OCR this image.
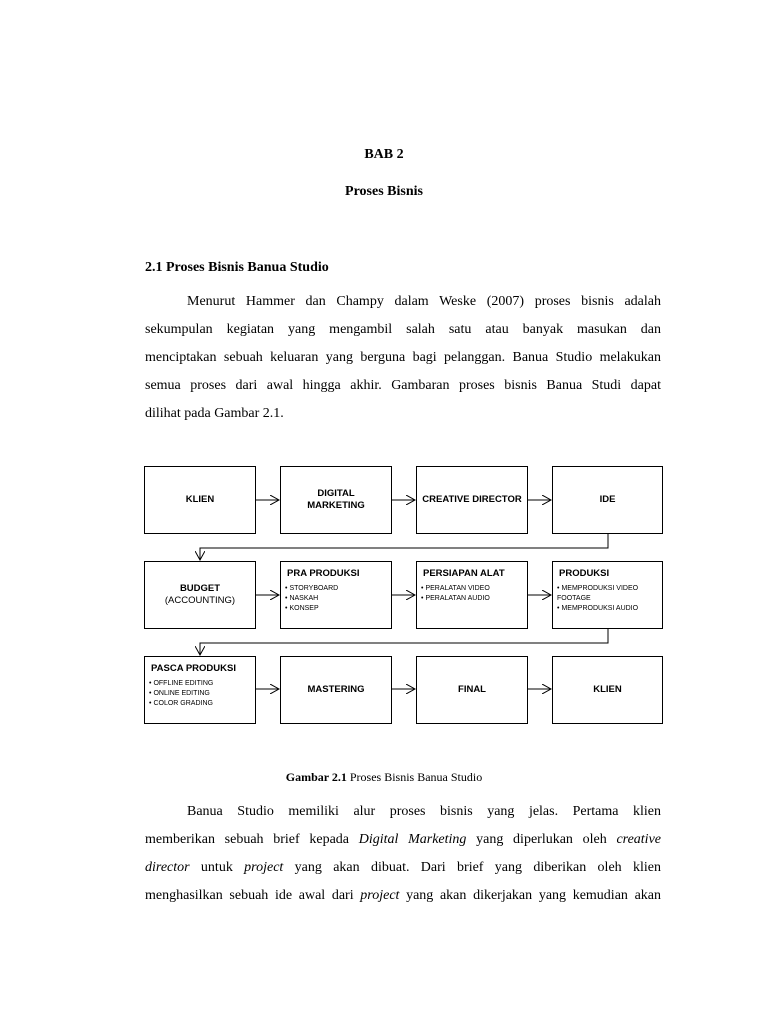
BAB 2
Proses Bisnis
2.1 Proses Bisnis Banua Studio
Menurut Hammer dan Champy dalam Weske (2007) proses bisnis adalah
sekumpulan kegiatan yang mengambil salah satu atau banyak masukan dan
menciptakan sebuah keluaran yang berguna bagi pelanggan. Banua Studio melakukan
semua proses dari awal hingga akhir. Gambaran proses bisnis Banua Studi dapat
dilihat pada Gambar 2.1.
KLIEN
DIGITAL MARKETING
CREATIVE DIRECTOR	IDE
BUDGET
(ACCOUNTING)
PRA PRODUKSI
• STORYBOARD
• NASKAH
• KONSEP
PERSIAPAN ALAT
• PERALATAN VIDEO
• PERALATAN AUDIO
PRODUKSI
• MEMPRODUKSI VIDEO FOOTAGE
• MEMPRODUKSI AUDIO
PASCA PRODUKSI
• OFFLINE EDITING
• ONLINE EDITING
• COLOR GRADING
MASTERING	FINAL	KLIEN
Gambar 2.1 Proses Bisnis Banua Studio
Banua Studio memiliki alur proses bisnis yang jelas. Pertama klien
memberikan sebuah brief kepada Digital Marketing yang diperlukan oleh creative
director untuk project yang akan dibuat. Dari brief yang diberikan oleh klien
menghasilkan sebuah ide awal dari project yang akan dikerjakan yang kemudian akan
